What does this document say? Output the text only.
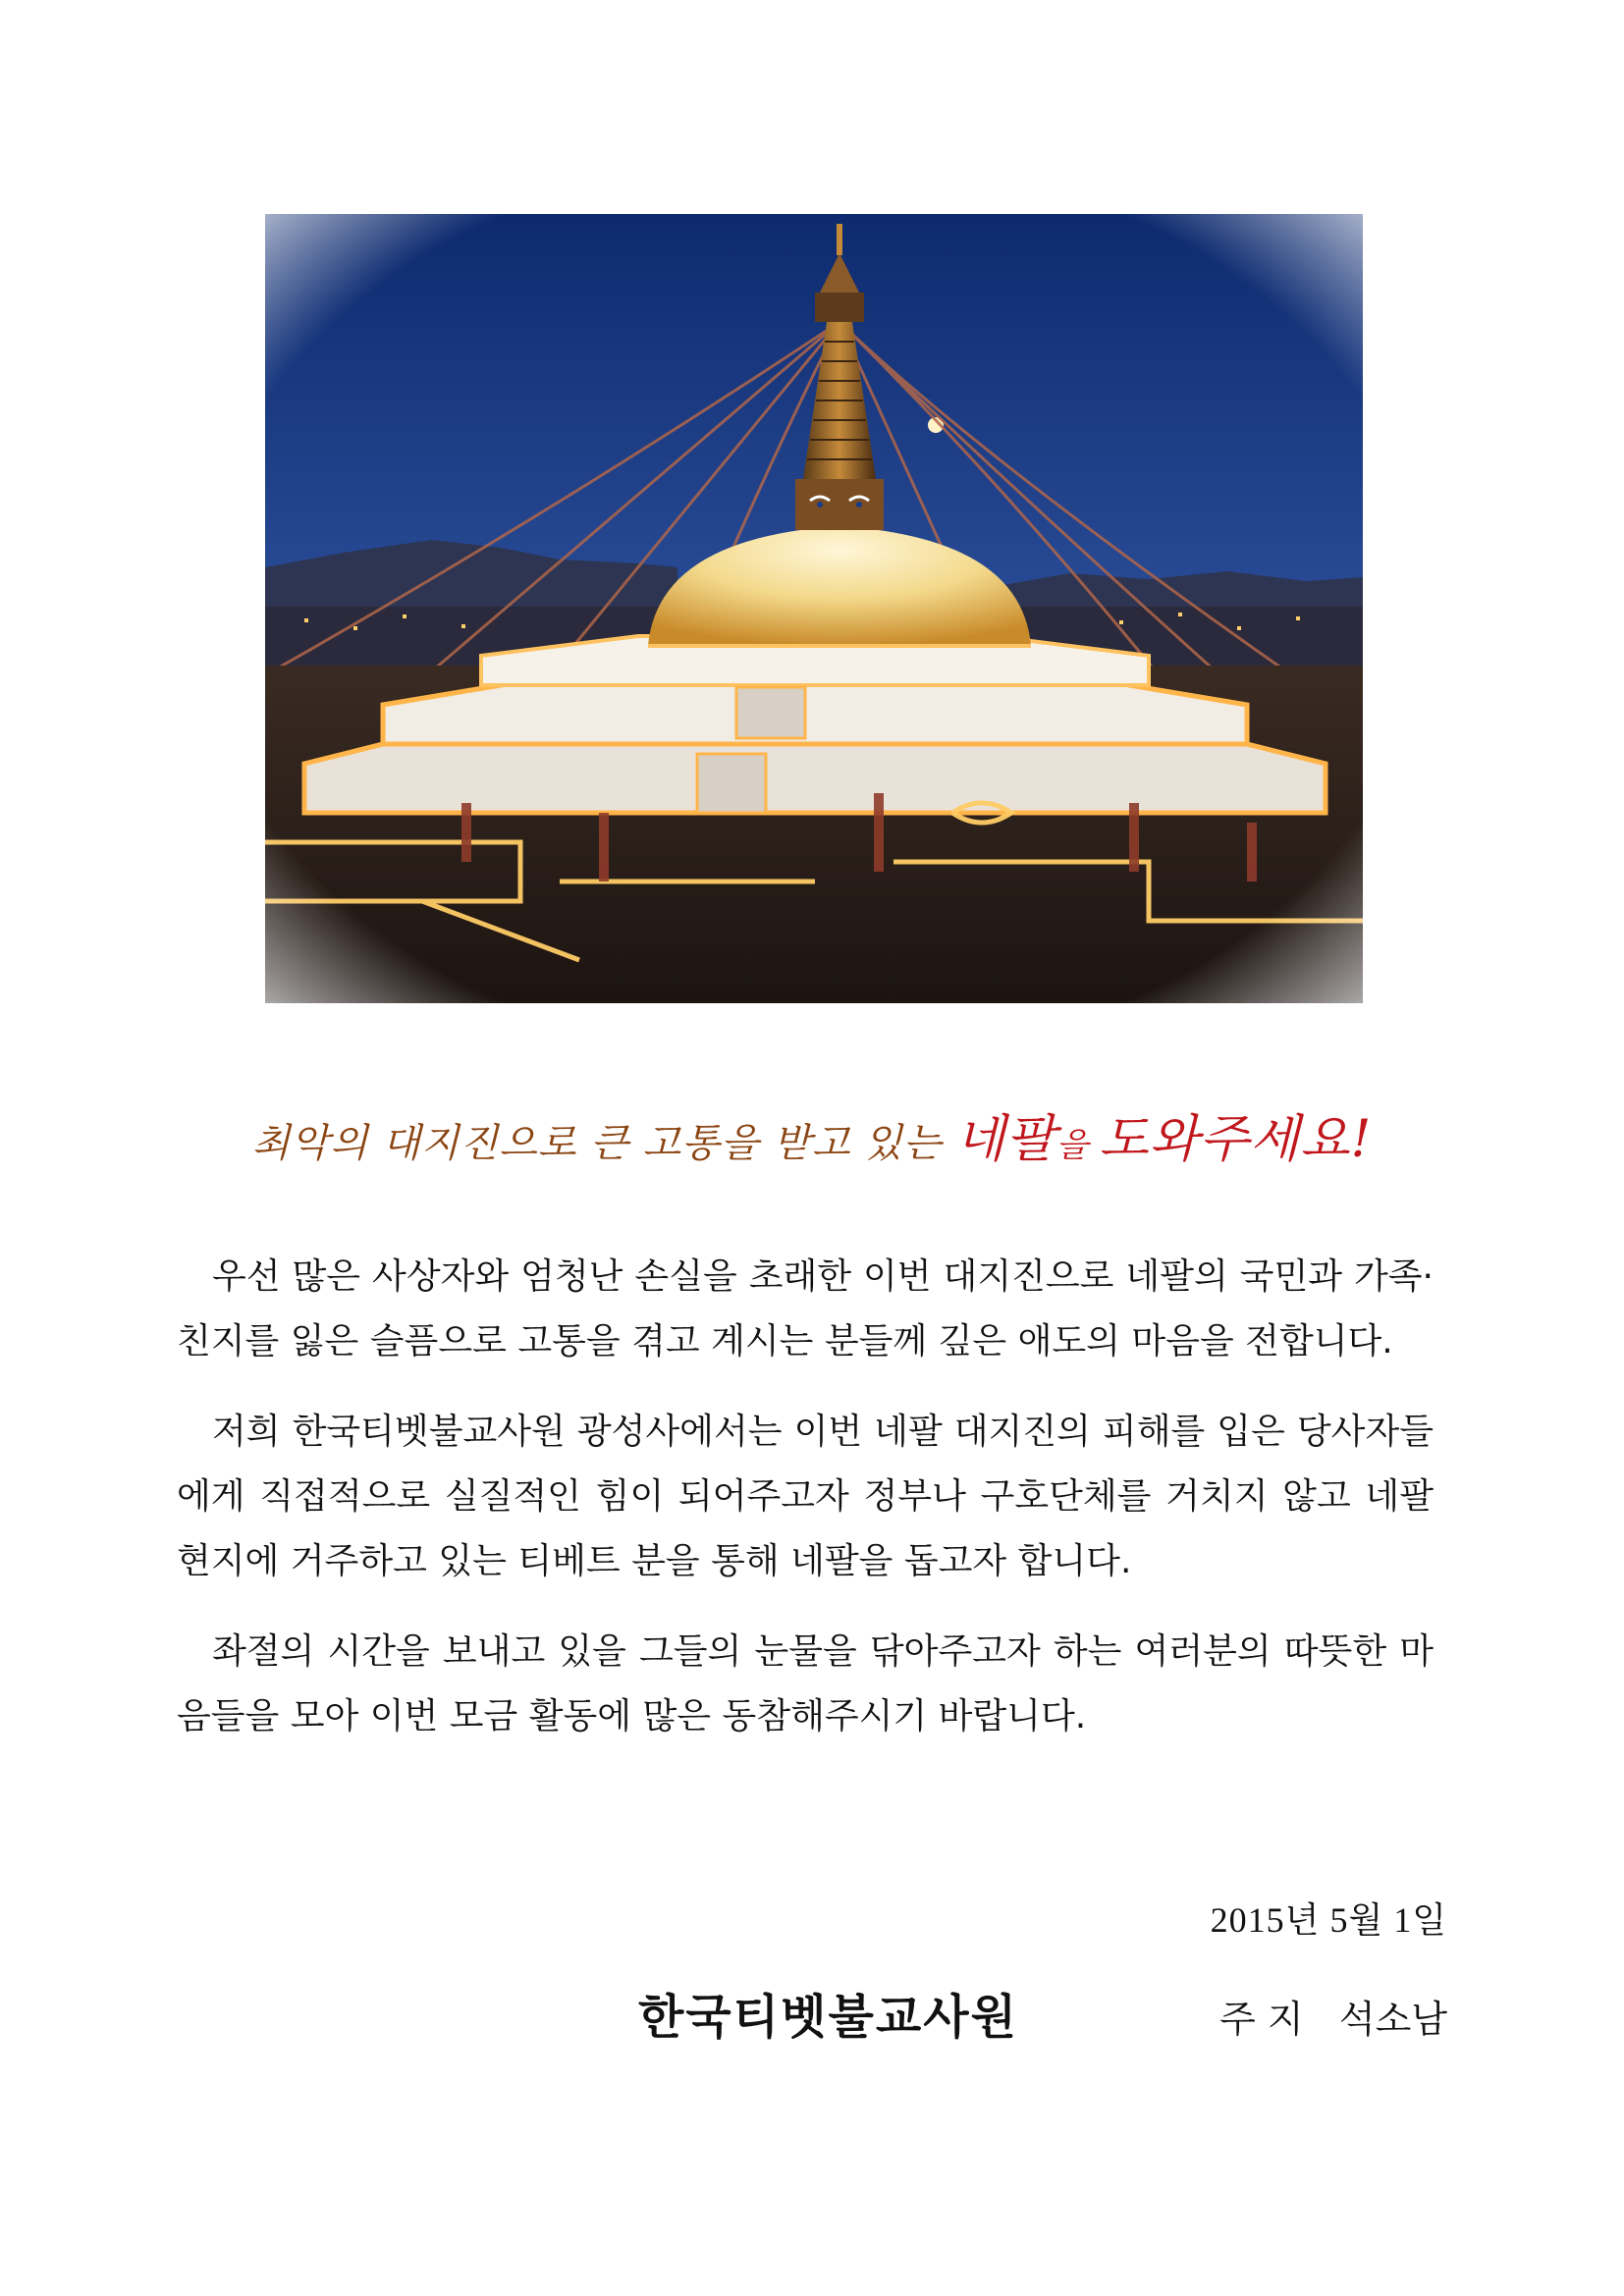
최악의 대지진으로 큰 고통을 받고 있는 네팔을 도와주세요!

우선 많은 사상자와 엄청난 손실을 초래한 이번 대지진으로 네팔의 국민과 가족·친지를 잃은 슬픔으로 고통을 겪고 계시는 분들께 깊은 애도의 마음을 전합니다.

저희 한국티벳불교사원 광성사에서는 이번 네팔 대지진의 피해를 입은 당사자들에게 직접적으로 실질적인 힘이 되어주고자 정부나 구호단체를 거치지 않고 네팔 현지에 거주하고 있는 티베트 분을 통해 네팔을 돕고자 합니다.

좌절의 시간을 보내고 있을 그들의 눈물을 닦아주고자 하는 여러분의 따뜻한 마음들을 모아 이번 모금 활동에 많은 동참해주시기 바랍니다.

2015년 5월 1일
한국티벳불교사원	주 지   석소남
